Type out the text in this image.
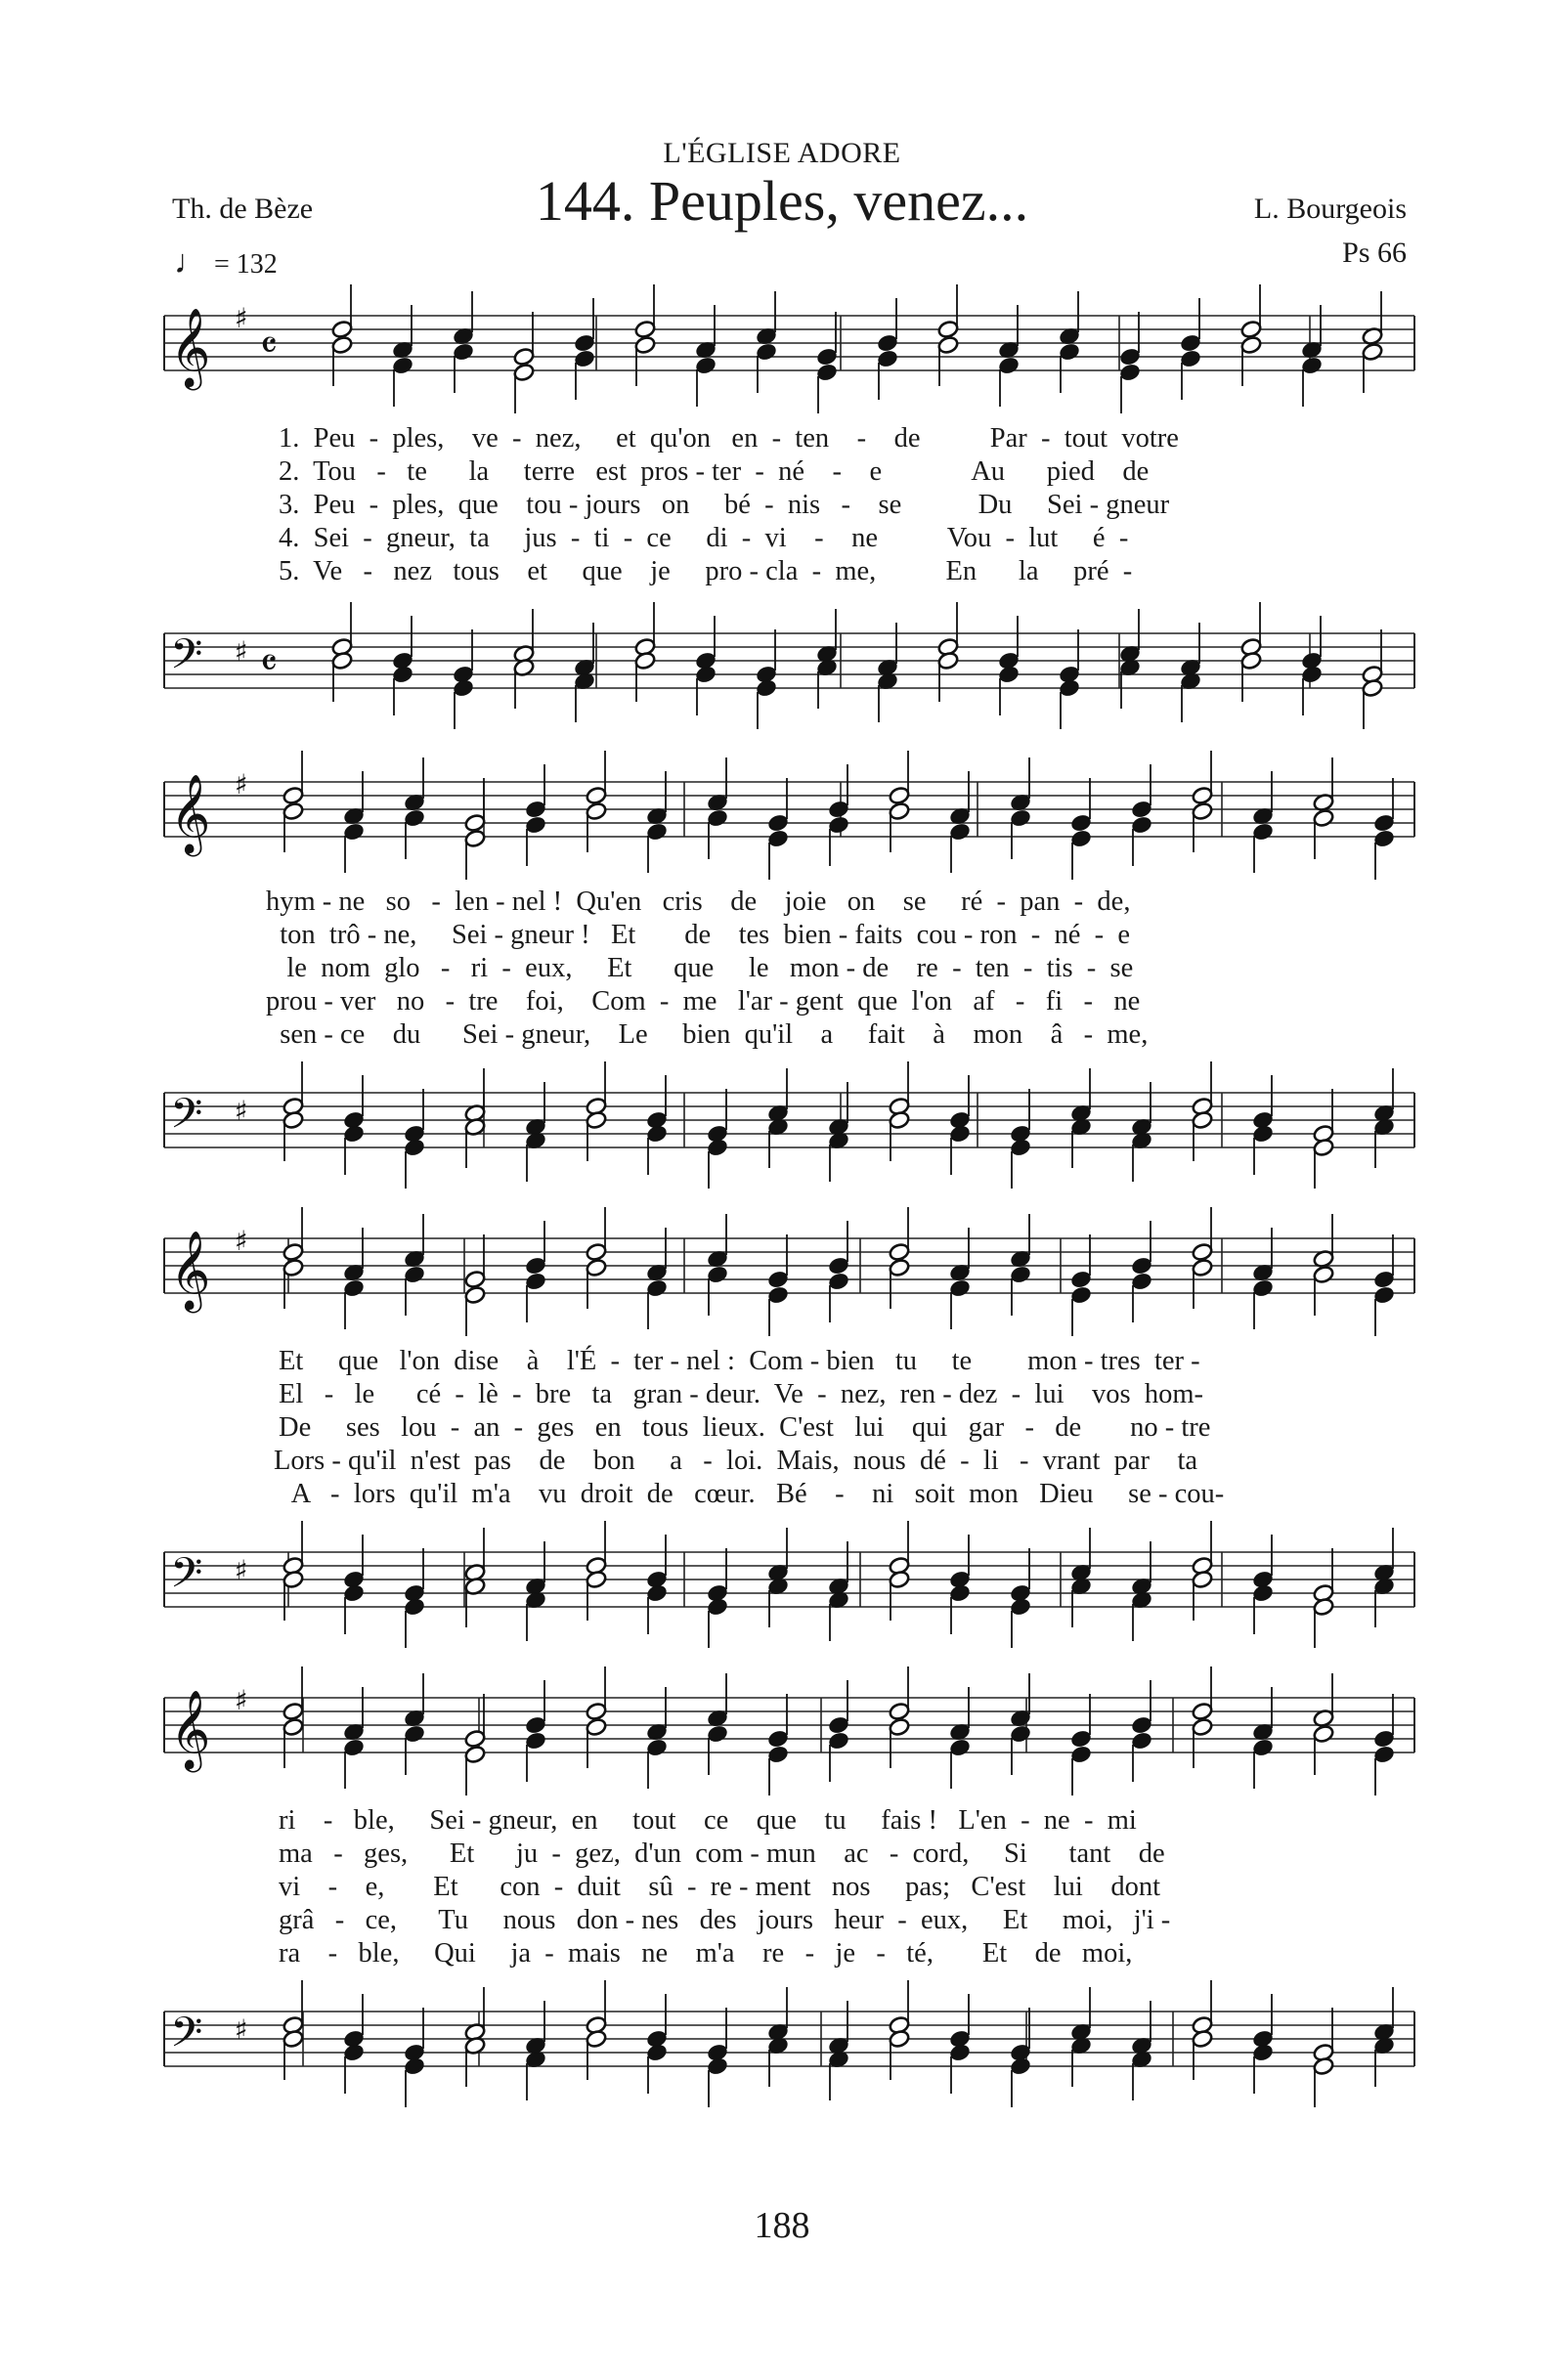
L'ÉGLISE ADORE
Th. de Bèze	144. Peuples, venez...	L. Bourgeois
Ps 66
♩ = 132
𝄞 ♯
𝄴
𝄢 ♯ 𝄴
𝄞 ♯
𝄢 ♯
𝄞 ♯
𝄢 ♯
𝄞 ♯
𝄢 ♯
1.  Peu  -  ples,    ve  -  nez,     et  qu'on   en  -  ten    -    de          Par  -  tout  votre
2.  Tou   -   te      la     terre   est  pros - ter  -  né    -    e             Au      pied    de
3.  Peu  -  ples,  que    tou - jours   on     bé  -  nis   -    se           Du     Sei - gneur
4.  Sei  -  gneur,  ta     jus  -  ti  -  ce     di  -  vi    -    ne          Vou  -  lut     é  -
5.  Ve   -   nez   tous    et     que    je     pro - cla  -  me,          En      la     pré  -
hym - ne   so   -  len - nel !  Qu'en   cris    de    joie   on    se     ré  -  pan  -  de,
ton  trô - ne,     Sei - gneur !   Et       de    tes  bien - faits  cou - ron  -  né  -  e
le  nom  glo   -   ri  -  eux,     Et      que     le   mon - de    re  -  ten  -  tis  -  se
prou - ver   no   -  tre    foi,    Com  -  me   l'ar - gent  que  l'on   af   -   fi   -   ne
sen - ce    du      Sei - gneur,    Le     bien  qu'il    a     fait    à    mon    â   -  me,
Et     que   l'on  dise    à    l'É  -  ter - nel :  Com - bien   tu     te        mon - tres  ter -
El   -   le      cé  -  lè  -  bre   ta   gran - deur.  Ve  -  nez,  ren - dez  -  lui    vos  hom-
De     ses   lou  -  an  -  ges   en   tous  lieux.  C'est   lui    qui   gar   -   de       no - tre
Lors - qu'il  n'est  pas    de    bon     a   -  loi.  Mais,  nous  dé  -  li   -  vrant  par    ta
A   -  lors  qu'il  m'a    vu  droit  de   cœur.   Bé    -    ni   soit  mon   Dieu     se - cou-
ri    -   ble,     Sei - gneur,  en     tout    ce    que    tu     fais !   L'en  -  ne  -  mi
ma   -   ges,      Et      ju  -  gez,  d'un  com - mun    ac   -  cord,     Si      tant    de
vi    -    e,       Et      con  -  duit    sû  -  re - ment   nos     pas;   C'est    lui    dont
grâ   -   ce,      Tu     nous   don - nes   des   jours   heur  -  eux,     Et     moi,   j'i -
ra    -   ble,     Qui     ja  -  mais   ne    m'a    re   -   je   -   té,       Et    de   moi,
188
